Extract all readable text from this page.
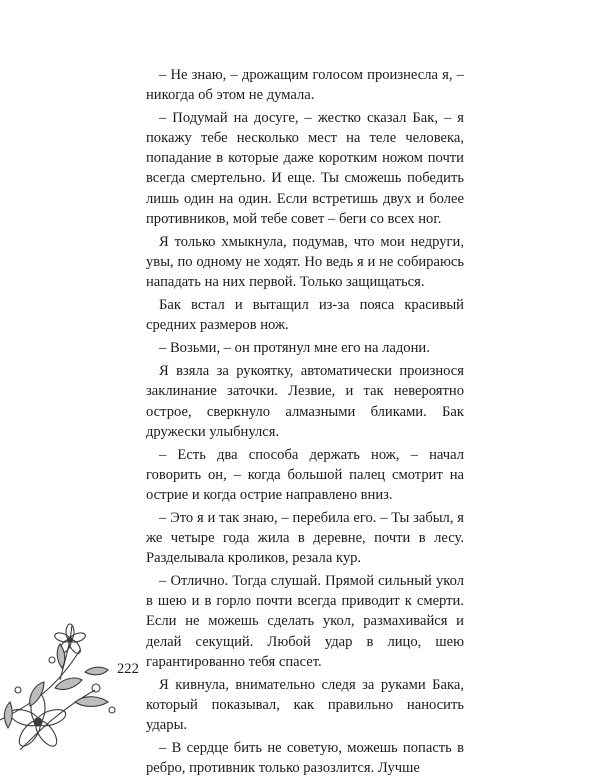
– Не знаю, – дрожащим голосом произнесла я, – никогда об этом не думала.

– Подумай на досуге, – жестко сказал Бак, – я покажу тебе несколько мест на теле человека, попадание в которые даже коротким ножом почти всегда смертельно. И еще. Ты сможешь победить лишь один на один. Если встретишь двух и более противников, мой тебе совет – беги со всех ног.

Я только хмыкнула, подумав, что мои недруги, увы, по одному не ходят. Но ведь я и не собираюсь нападать на них первой. Только защищаться.

Бак встал и вытащил из-за пояса красивый средних размеров нож.

– Возьми, – он протянул мне его на ладони.

Я взяла за рукоятку, автоматически произнося заклинание заточки. Лезвие, и так невероятно острое, сверкнуло алмазными бликами. Бак дружески улыбнулся.

– Есть два способа держать нож, – начал говорить он, – когда большой палец смотрит на острие и когда острие направлено вниз.

– Это я и так знаю, – перебила его. – Ты забыл, я же четыре года жила в деревне, почти в лесу. Разделывала кроликов, резала кур.

– Отлично. Тогда слушай. Прямой сильный укол в шею и в горло почти всегда приводит к смерти. Если не можешь сделать укол, размахивайся и делай секущий. Любой удар в лицо, шею гарантированно тебя спасет.

Я кивнула, внимательно следя за руками Бака, который показывал, как правильно наносить удары.

– В сердце бить не советую, можешь попасть в ребро, противник только разозлится. Лучше

222
